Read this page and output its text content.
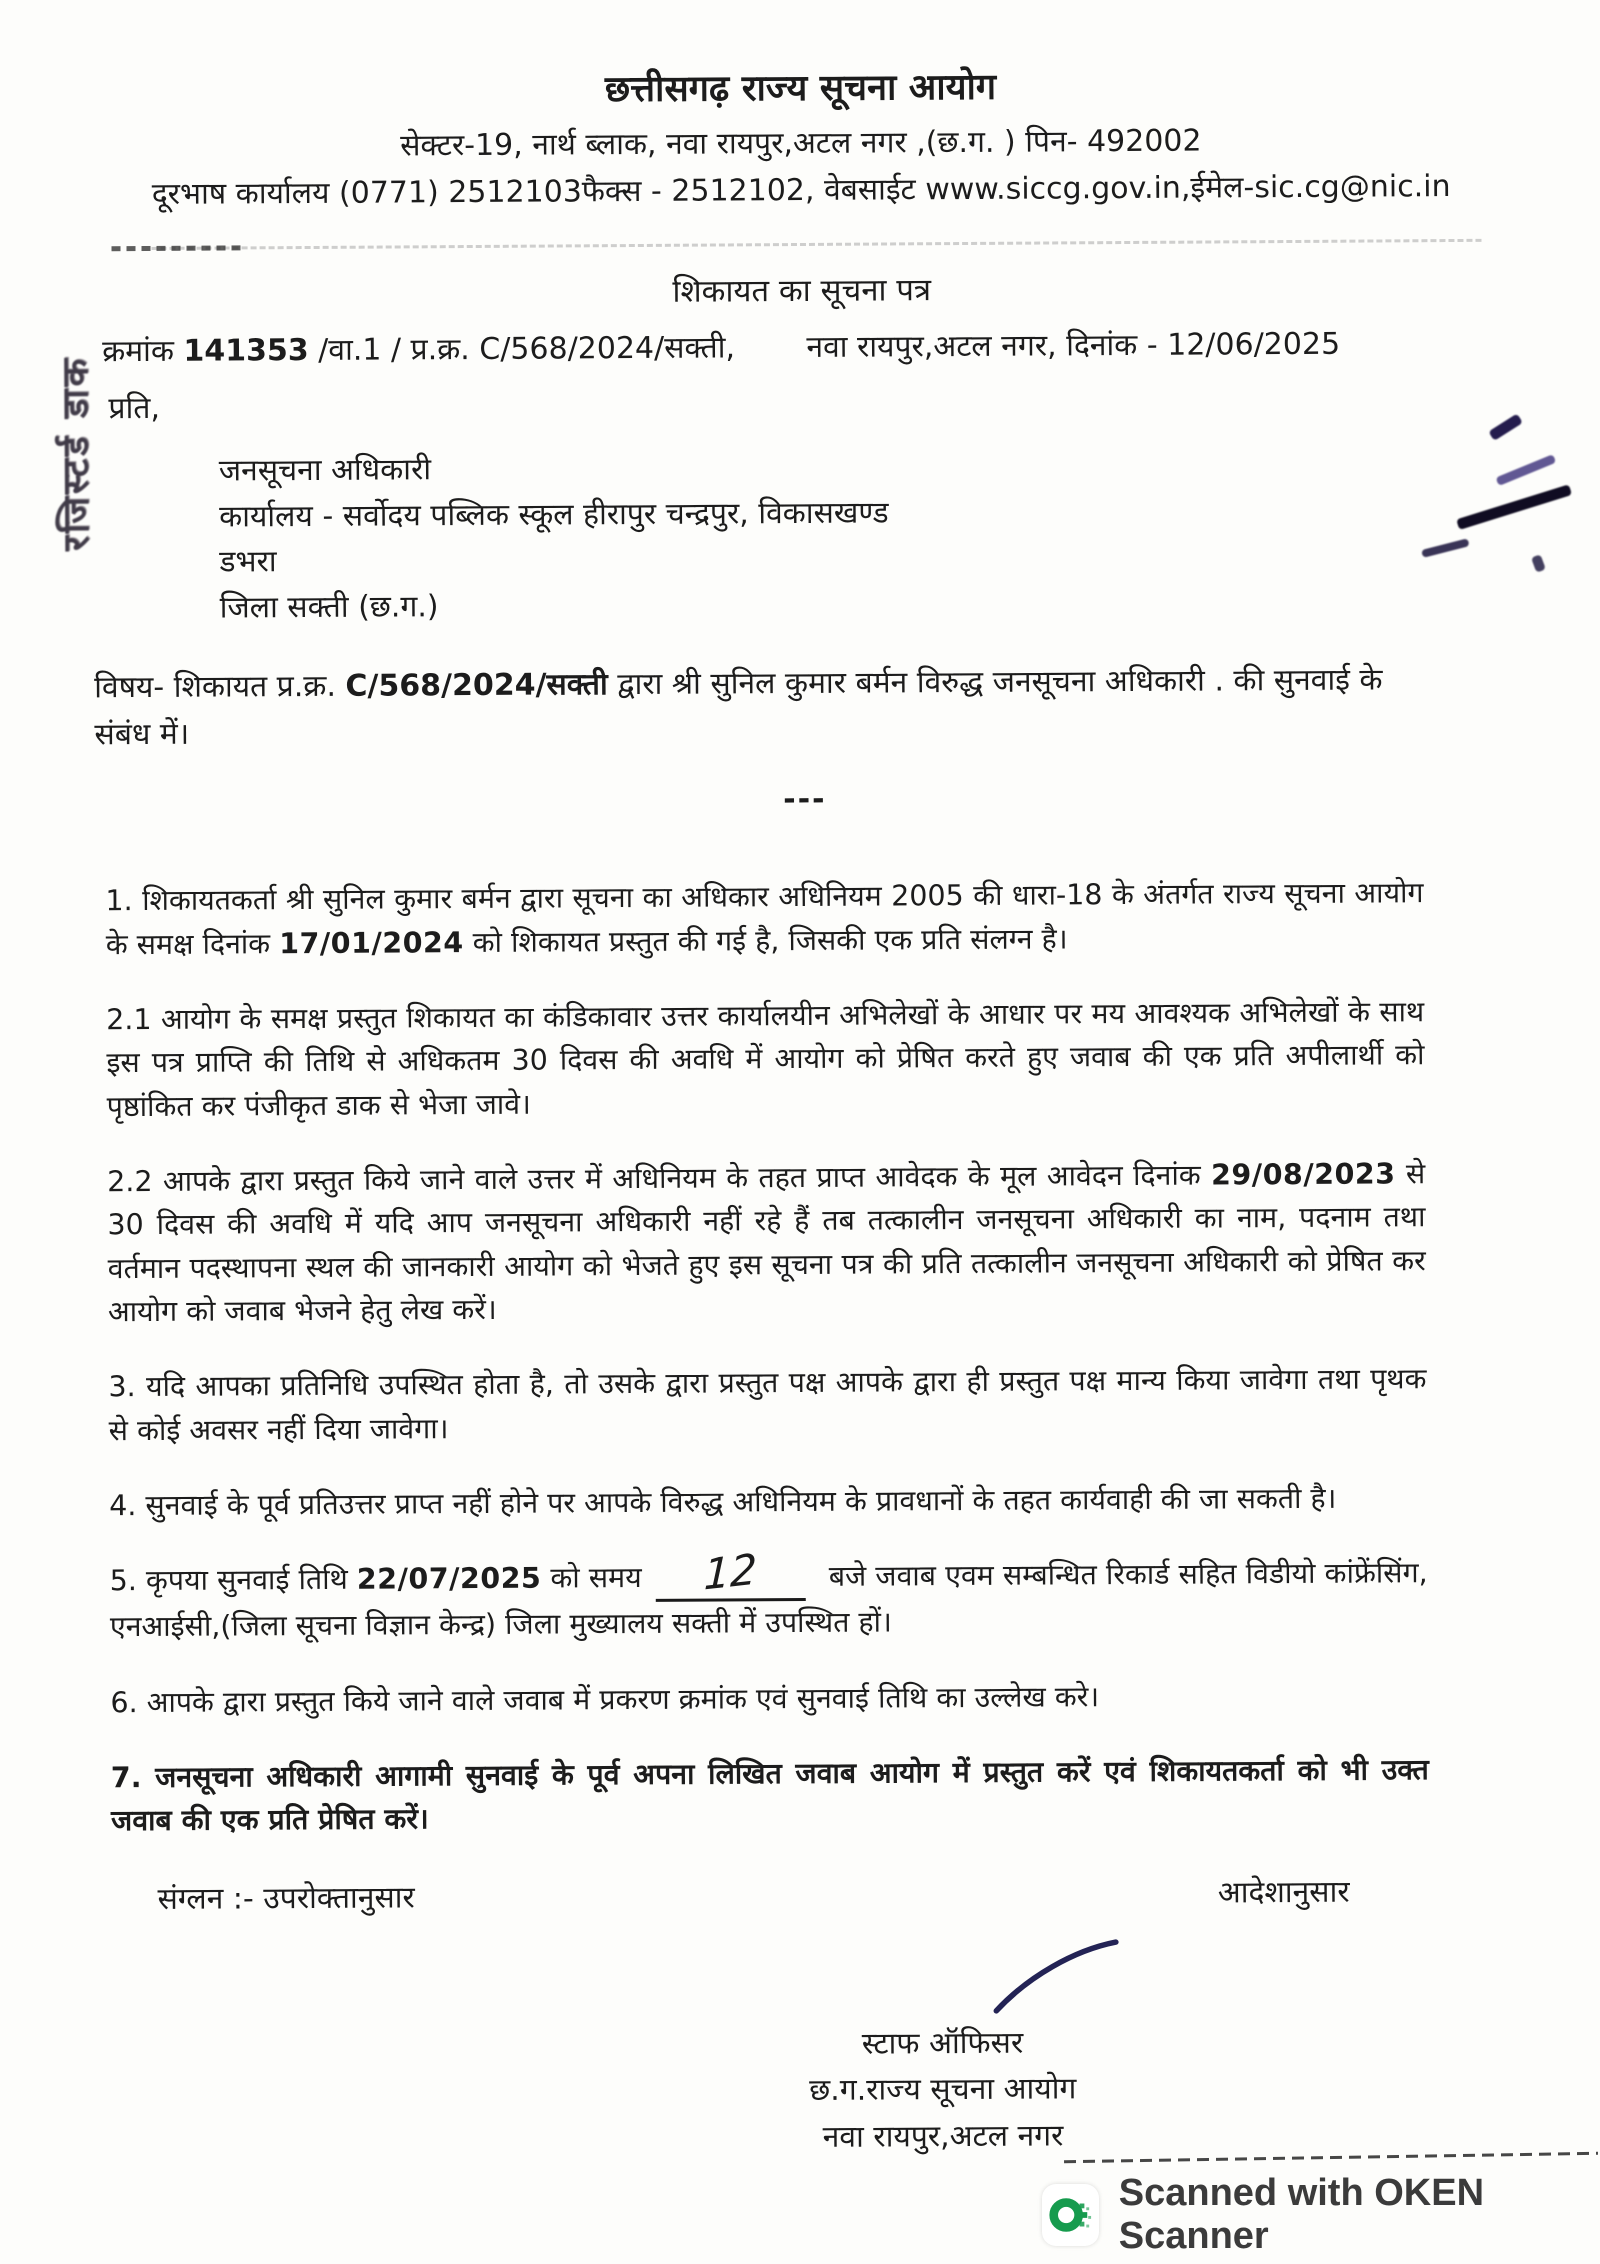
छत्तीसगढ़ राज्य सूचना आयोग
सेक्टर-19, नार्थ ब्लाक, नवा रायपुर,अटल नगर ,(छ.ग. ) पिन- 492002
दूरभाष कार्यालय (0771) 2512103फैक्स - 2512102, वेबसाईट www.siccg.gov.in,ईमेल-sic.cg@nic.in
शिकायत का सूचना पत्र
क्रमांक 141353 /वा.1 / प्र.क्र. C/568/2024/सक्ती, नवा रायपुर,अटल नगर, दिनांक - 12/06/2025
प्रति,
जनसूचना अधिकारी
कार्यालय - सर्वोदय पब्लिक स्कूल हीरापुर चन्द्रपुर, विकासखण्ड
डभरा
जिला सक्ती (छ.ग.)
विषय- शिकायत प्र.क्र. C/568/2024/सक्ती द्वारा श्री सुनिल कुमार बर्मन विरुद्ध जनसूचना अधिकारी . की सुनवाई के संबंध में।
---

1. शिकायतकर्ता श्री सुनिल कुमार बर्मन द्वारा सूचना का अधिकार अधिनियम 2005 की धारा-18 के अंतर्गत राज्य सूचना आयोग के समक्ष दिनांक 17/01/2024 को शिकायत प्रस्तुत की गई है, जिसकी एक प्रति संलग्न है।

2.1 आयोग के समक्ष प्रस्तुत शिकायत का कंडिकावार उत्तर कार्यालयीन अभिलेखों के आधार पर मय आवश्यक अभिलेखों के साथ इस पत्र प्राप्ति की तिथि से अधिकतम 30 दिवस की अवधि में आयोग को प्रेषित करते हुए जवाब की एक प्रति अपीलार्थी को पृष्ठांकित कर पंजीकृत डाक से भेजा जावे।

2.2 आपके द्वारा प्रस्तुत किये जाने वाले उत्तर में अधिनियम के तहत प्राप्त आवेदक के मूल आवेदन दिनांक 29/08/2023 से 30 दिवस की अवधि में यदि आप जनसूचना अधिकारी नहीं रहे हैं तब तत्कालीन जनसूचना अधिकारी का नाम, पदनाम तथा वर्तमान पदस्थापना स्थल की जानकारी आयोग को भेजते हुए इस सूचना पत्र की प्रति तत्कालीन जनसूचना अधिकारी को प्रेषित कर आयोग को जवाब भेजने हेतु लेख करें।

3. यदि आपका प्रतिनिधि उपस्थित होता है, तो उसके द्वारा प्रस्तुत पक्ष आपके द्वारा ही प्रस्तुत पक्ष मान्य किया जावेगा तथा पृथक से कोई अवसर नहीं दिया जावेगा।

4. सुनवाई के पूर्व प्रतिउत्तर प्राप्त नहीं होने पर आपके विरुद्ध अधिनियम के प्रावधानों के तहत कार्यवाही की जा सकती है।

5. कृपया सुनवाई तिथि 22/07/2025 को समय 12 बजे जवाब एवम सम्बन्धित रिकार्ड सहित विडीयो कांफ्रेंसिंग, एनआईसी,(जिला सूचना विज्ञान केन्द्र) जिला मुख्यालय सक्ती में उपस्थित हों।

6. आपके द्वारा प्रस्तुत किये जाने वाले जवाब में प्रकरण क्रमांक एवं सुनवाई तिथि का उल्लेख करे।

7. जनसूचना अधिकारी आगामी सुनवाई के पूर्व अपना लिखित जवाब आयोग में प्रस्तुत करें एवं शिकायतकर्ता को भी उक्त जवाब की एक प्रति प्रेषित करें।

संग्लन :- उपरोक्तानुसार	आदेशानुसार
स्टाफ ऑफिसर
छ.ग.राज्य सूचना आयोग
नवा रायपुर,अटल नगर
रजिस्टर्ड डाक
Scanned with OKEN Scanner
